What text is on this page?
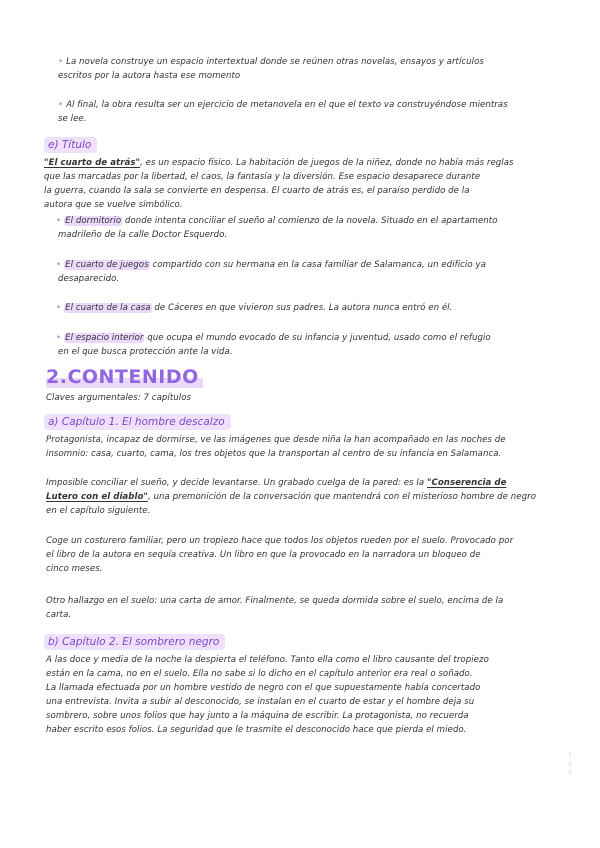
• La novela construye un espacio intertextual donde se reúnen otras novelas, ensayos y artículos
escritos por la autora hasta ese momento
• Al final, la obra resulta ser un ejercicio de metanovela en el que el texto va construyéndose mientras
se lee.
e) Título
"El cuarto de atrás", es un espacio físico. La habitación de juegos de la niñez, donde no había más reglas
que las marcadas por la libertad, el caos, la fantasía y la diversión. Ese espacio desaparece durante
la guerra, cuando la sala se convierte en despensa. El cuarto de atrás es, el paraíso perdido de la
autora que se vuelve simbólico.
• El dormitorio donde intenta conciliar el sueño al comienzo de la novela. Situado en el apartamento
madrileño de la calle Doctor Esquerdo.
• El cuarto de juegos compartido con su hermana en la casa familiar de Salamanca, un edificio ya
desaparecido.
• El cuarto de la casa de Cáceres en que vivieron sus padres. La autora nunca entró en él.
• El espacio interior que ocupa el mundo evocado de su infancia y juventud, usado como el refugio
en el que busca protección ante la vida.
2.CONTENIDO
Claves argumentales: 7 capítulos
a) Capítulo 1. El hombre descalzo
Protagonista, incapaz de dormirse, ve las imágenes que desde niña la han acompañado en las noches de
insomnio: casa, cuarto, cama, los tres objetos que la transportan al centro de su infancia en Salamanca.
Imposible conciliar el sueño, y decide levantarse. Un grabado cuelga de la pared: es la "Conserencia de
Lutero con el diablo", una premonición de la conversación que mantendrá con el misterioso hombre de negro
en el capítulo siguiente.
Coge un costurero familiar, pero un tropiezo hace que todos los objetos rueden por el suelo. Provocado por
el libro de la autora en sequía creativa. Un libro en que la provocado en la narradora un bloqueo de
cinco meses.
Otro hallazgo en el suelo: una carta de amor. Finalmente, se queda dormida sobre el suelo, encima de la
carta.
b) Capítulo 2. El sombrero negro
A las doce y media de la noche la despierta el teléfono. Tanto ella como el libro causante del tropiezo
están en la cama, no en el suelo. Ella no sabe si lo dicho en el capítulo anterior era real o soñado.
La llamada efectuada por un hombre vestido de negro con el que supuestamente había concertado
una entrevista. Invita a subir al desconocido, se instalan en el cuarto de estar y el hombre deja su
sombrero, sobre unos folios que hay junto a la máquina de escribir. La protagonista, no recuerda
haber escrito esos folios. La seguridad que le trasmite el desconocido hace que pierda el miedo.
1 z y
